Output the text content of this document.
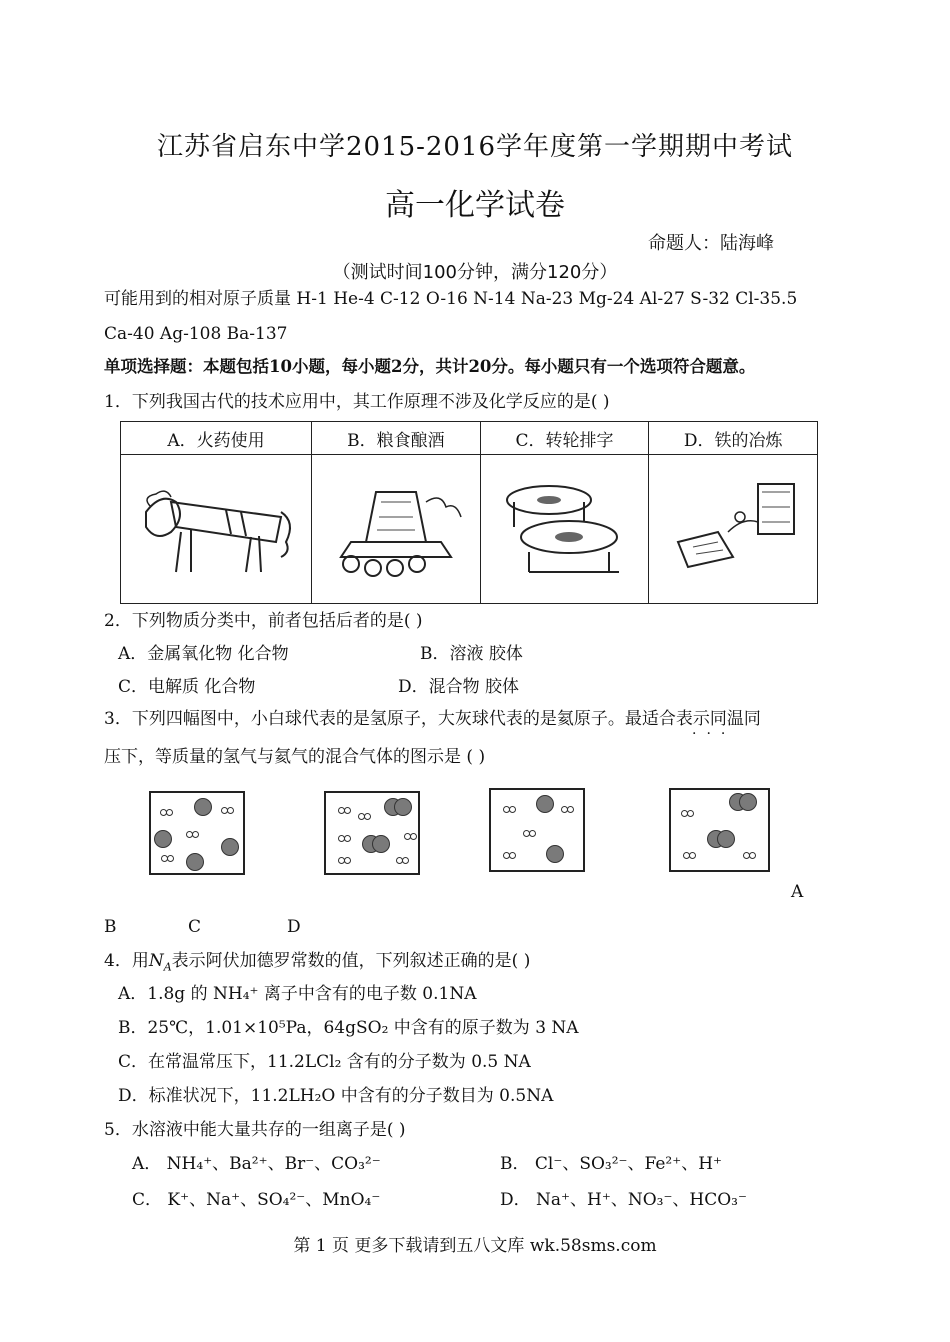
江苏省启东中学2015-2016学年度第一学期期中考试
高一化学试卷
命题人：陆海峰
（测试时间100分钟，满分120分）
可能用到的相对原子质量 H-1 He-4 C-12 O-16 N-14 Na-23 Mg-24 Al-27 S-32 Cl-35.5
Ca-40 Ag-108 Ba-137
单项选择题：本题包括10小题，每小题2分，共计20分。每小题只有一个选项符合题意。
1．下列我国古代的技术应用中，其工作原理不涉及化学反应的是( )
A．火药使用	B．粮食酿酒	C．转轮排字	D．铁的冶炼

2．下列物质分类中，前者包括后者的是( )
A．金属氧化物 化合物	B．溶液 胶体
C．电解质 化合物	D．混合物 胶体
3．下列四幅图中，小白球代表的是氢原子，大灰球代表的是氦原子。最适合表示同温同
···
压下，等质量的氢气与氦气的混合气体的图示是 ( )
A
B	C	D
4．用$N_A$表示阿伏加德罗常数的值，下列叙述正确的是( )
A．1.8g 的 NH₄⁺ 离子中含有的电子数 0.1NA
B．25℃，1.01×10⁵Pa，64gSO₂ 中含有的原子数为 3 NA
C．在常温常压下，11.2LCl₂ 含有的分子数为 0.5 NA
D．标准状况下，11.2LH₂O 中含有的分子数目为 0.5NA
5．水溶液中能大量共存的一组离子是( )
A． NH₄⁺、Ba²⁺、Br⁻、CO₃²⁻	B． Cl⁻、SO₃²⁻、Fe²⁺、H⁺
C． K⁺、Na⁺、SO₄²⁻、MnO₄⁻	D． Na⁺、H⁺、NO₃⁻、HCO₃⁻
第 1 页 更多下载请到五八文库 wk.58sms.com
